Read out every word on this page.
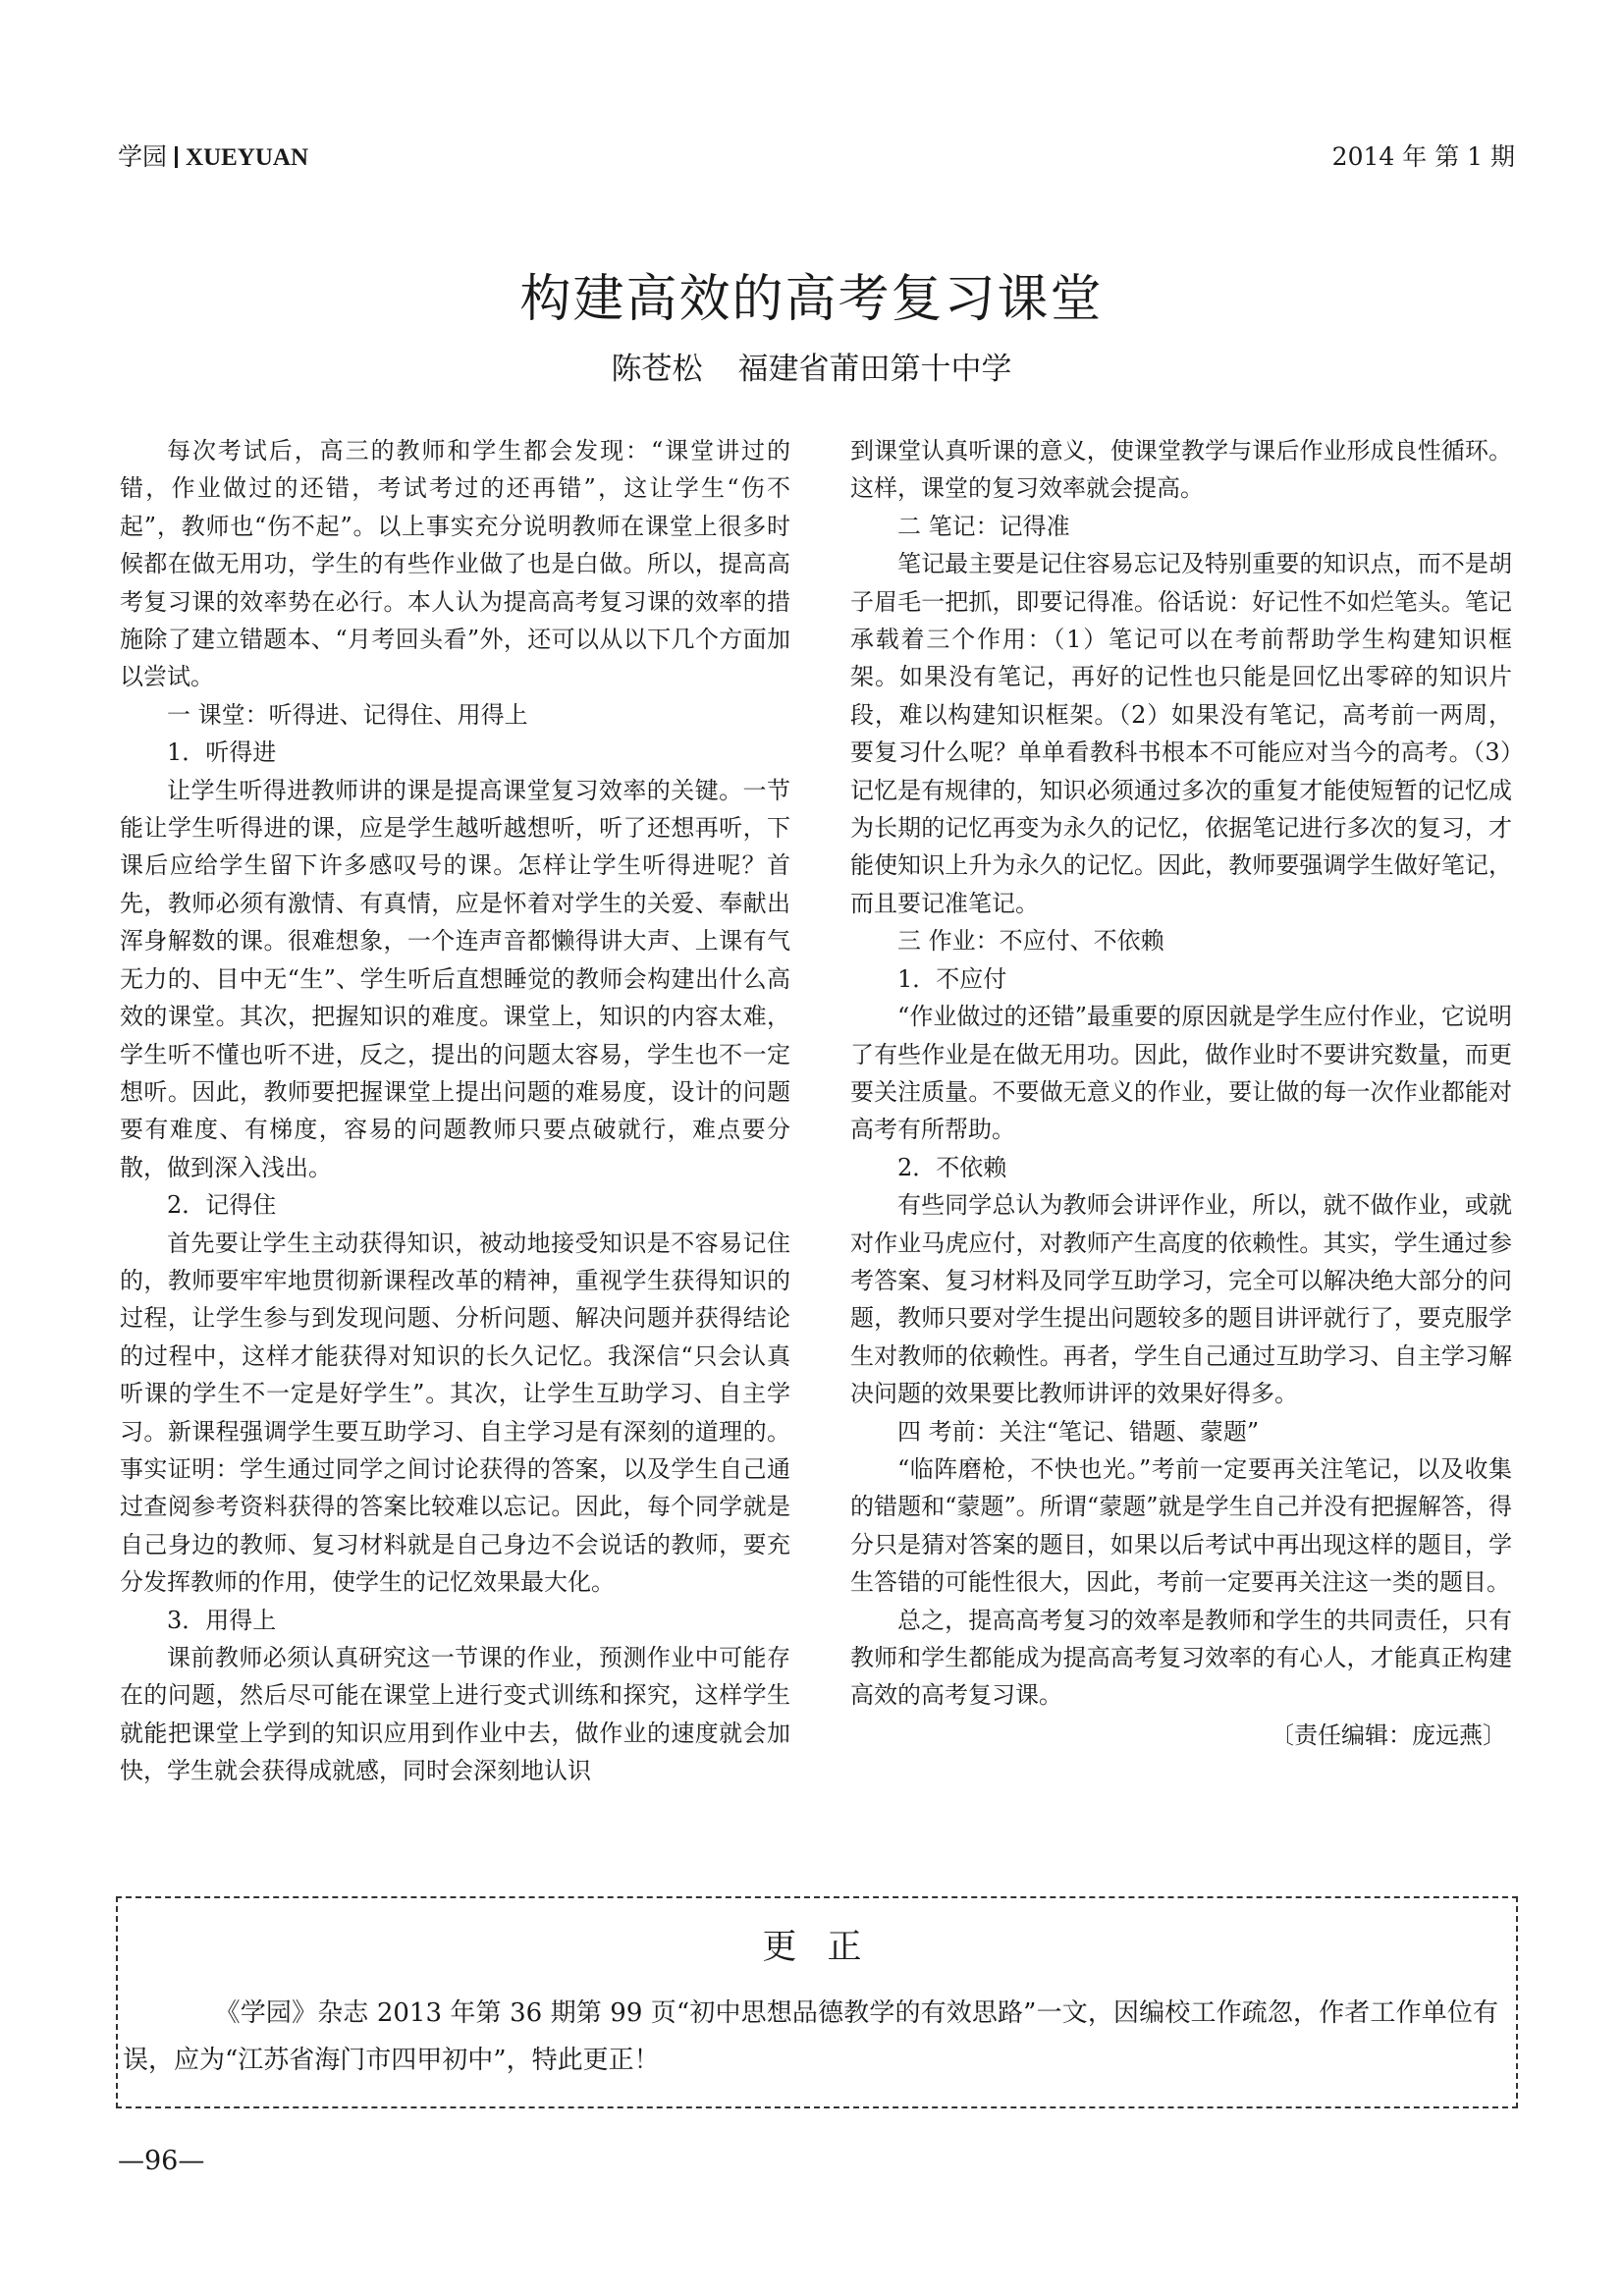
学园 XUEYUAN	2014 年 第 1 期
构建高效的高考复习课堂
陈苍松 福建省莆田第十中学

每次考试后，高三的教师和学生都会发现：“课堂讲过的错，作业做过的还错，考试考过的还再错”，这让学生“伤不起”，教师也“伤不起”。以上事实充分说明教师在课堂上很多时候都在做无用功，学生的有些作业做了也是白做。所以，提高高考复习课的效率势在必行。本人认为提高高考复习课的效率的措施除了建立错题本、“月考回头看”外，还可以从以下几个方面加以尝试。

一 课堂：听得进、记得住、用得上

1．听得进

让学生听得进教师讲的课是提高课堂复习效率的关键。一节能让学生听得进的课，应是学生越听越想听，听了还想再听，下课后应给学生留下许多感叹号的课。怎样让学生听得进呢？首先，教师必须有激情、有真情，应是怀着对学生的关爱、奉献出浑身解数的课。很难想象，一个连声音都懒得讲大声、上课有气无力的、目中无“生”、学生听后直想睡觉的教师会构建出什么高效的课堂。其次，把握知识的难度。课堂上，知识的内容太难，学生听不懂也听不进，反之，提出的问题太容易，学生也不一定想听。因此，教师要把握课堂上提出问题的难易度，设计的问题要有难度、有梯度，容易的问题教师只要点破就行，难点要分散，做到深入浅出。

2．记得住

首先要让学生主动获得知识，被动地接受知识是不容易记住的，教师要牢牢地贯彻新课程改革的精神，重视学生获得知识的过程，让学生参与到发现问题、分析问题、解决问题并获得结论的过程中，这样才能获得对知识的长久记忆。我深信“只会认真听课的学生不一定是好学生”。其次，让学生互助学习、自主学习。新课程强调学生要互助学习、自主学习是有深刻的道理的。事实证明：学生通过同学之间讨论获得的答案，以及学生自己通过查阅参考资料获得的答案比较难以忘记。因此，每个同学就是自己身边的教师、复习材料就是自己身边不会说话的教师，要充分发挥教师的作用，使学生的记忆效果最大化。

3．用得上

课前教师必须认真研究这一节课的作业，预测作业中可能存在的问题，然后尽可能在课堂上进行变式训练和探究，这样学生就能把课堂上学到的知识应用到作业中去，做作业的速度就会加快，学生就会获得成就感，同时会深刻地认识

到课堂认真听课的意义，使课堂教学与课后作业形成良性循环。这样，课堂的复习效率就会提高。

二 笔记：记得准

笔记最主要是记住容易忘记及特别重要的知识点，而不是胡子眉毛一把抓，即要记得准。俗话说：好记性不如烂笔头。笔记承载着三个作用：（1）笔记可以在考前帮助学生构建知识框架。如果没有笔记，再好的记性也只能是回忆出零碎的知识片段，难以构建知识框架。（2）如果没有笔记，高考前一两周，要复习什么呢？单单看教科书根本不可能应对当今的高考。（3）记忆是有规律的，知识必须通过多次的重复才能使短暂的记忆成为长期的记忆再变为永久的记忆，依据笔记进行多次的复习，才能使知识上升为永久的记忆。因此，教师要强调学生做好笔记，而且要记准笔记。

三 作业：不应付、不依赖

1．不应付

“作业做过的还错”最重要的原因就是学生应付作业，它说明了有些作业是在做无用功。因此，做作业时不要讲究数量，而更要关注质量。不要做无意义的作业，要让做的每一次作业都能对高考有所帮助。

2．不依赖

有些同学总认为教师会讲评作业，所以，就不做作业，或就对作业马虎应付，对教师产生高度的依赖性。其实，学生通过参考答案、复习材料及同学互助学习，完全可以解决绝大部分的问题，教师只要对学生提出问题较多的题目讲评就行了，要克服学生对教师的依赖性。再者，学生自己通过互助学习、自主学习解决问题的效果要比教师讲评的效果好得多。

四 考前：关注“笔记、错题、蒙题”

“临阵磨枪，不快也光。”考前一定要再关注笔记，以及收集的错题和“蒙题”。所谓“蒙题”就是学生自己并没有把握解答，得分只是猜对答案的题目，如果以后考试中再出现这样的题目，学生答错的可能性很大，因此，考前一定要再关注这一类的题目。

总之，提高高考复习的效率是教师和学生的共同责任，只有教师和学生都能成为提高高考复习效率的有心人，才能真正构建高效的高考复习课。

〔责任编辑：庞远燕〕
更 正
《学园》杂志 2013 年第 36 期第 99 页“初中思想品德教学的有效思路”一文，因编校工作疏忽，作者工作单位有误，应为“江苏省海门市四甲初中”，特此更正！
—96—
